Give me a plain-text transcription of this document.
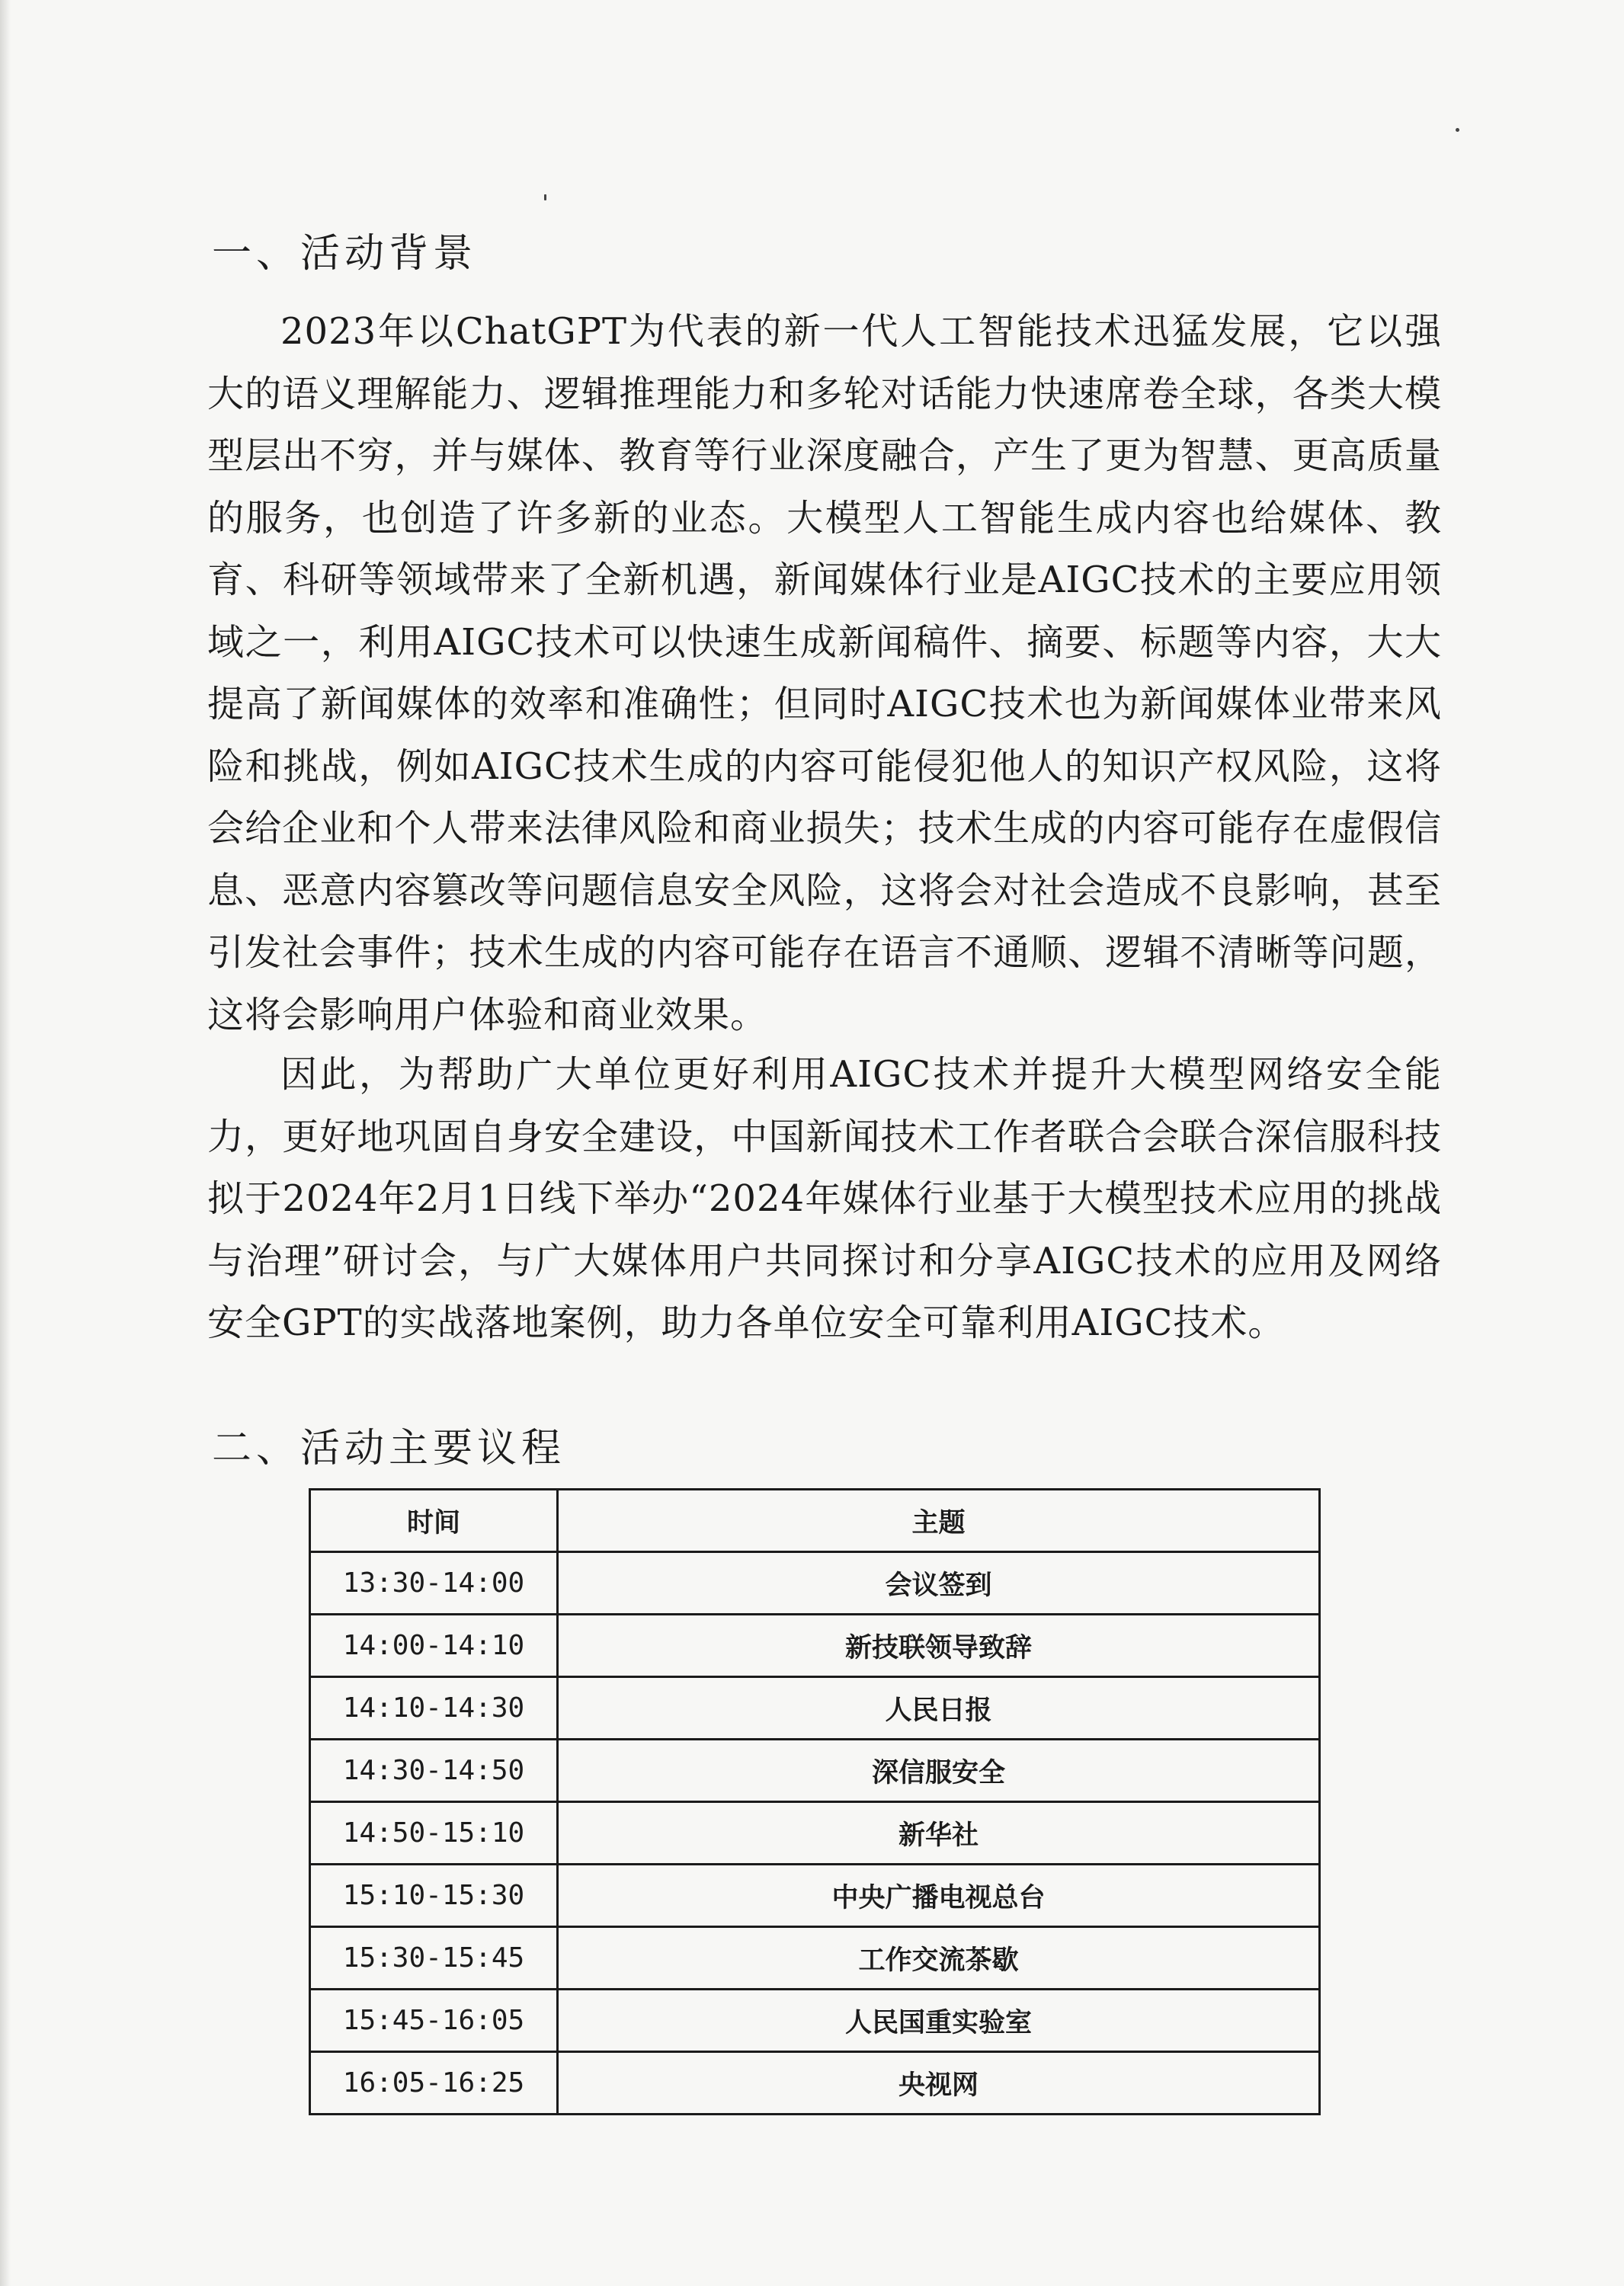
一、活动背景

2023年以ChatGPT为代表的新一代人工智能技术迅猛发展，它以强大的语义理解能力、逻辑推理能力和多轮对话能力快速席卷全球，各类大模型层出不穷，并与媒体、教育等行业深度融合，产生了更为智慧、更高质量的服务，也创造了许多新的业态。大模型人工智能生成内容也给媒体、教育、科研等领域带来了全新机遇，新闻媒体行业是AIGC技术的主要应用领域之一，利用AIGC技术可以快速生成新闻稿件、摘要、标题等内容，大大提高了新闻媒体的效率和准确性；但同时AIGC技术也为新闻媒体业带来风险和挑战，例如AIGC技术生成的内容可能侵犯他人的知识产权风险，这将会给企业和个人带来法律风险和商业损失；技术生成的内容可能存在虚假信息、恶意内容篡改等问题信息安全风险，这将会对社会造成不良影响，甚至引发社会事件；技术生成的内容可能存在语言不通顺、逻辑不清晰等问题，这将会影响用户体验和商业效果。

因此，为帮助广大单位更好利用AIGC技术并提升大模型网络安全能力，更好地巩固自身安全建设，中国新闻技术工作者联合会联合深信服科技拟于2024年2月1日线下举办“2024年媒体行业基于大模型技术应用的挑战与治理”研讨会，与广大媒体用户共同探讨和分享AIGC技术的应用及网络安全GPT的实战落地案例，助力各单位安全可靠利用AIGC技术。

二、活动主要议程
时间	主题
13:30-14:00	会议签到
14:00-14:10	新技联领导致辞
14:10-14:30	人民日报
14:30-14:50	深信服安全
14:50-15:10	新华社
15:10-15:30	中央广播电视总台
15:30-15:45	工作交流茶歇
15:45-16:05	人民国重实验室
16:05-16:25	央视网
